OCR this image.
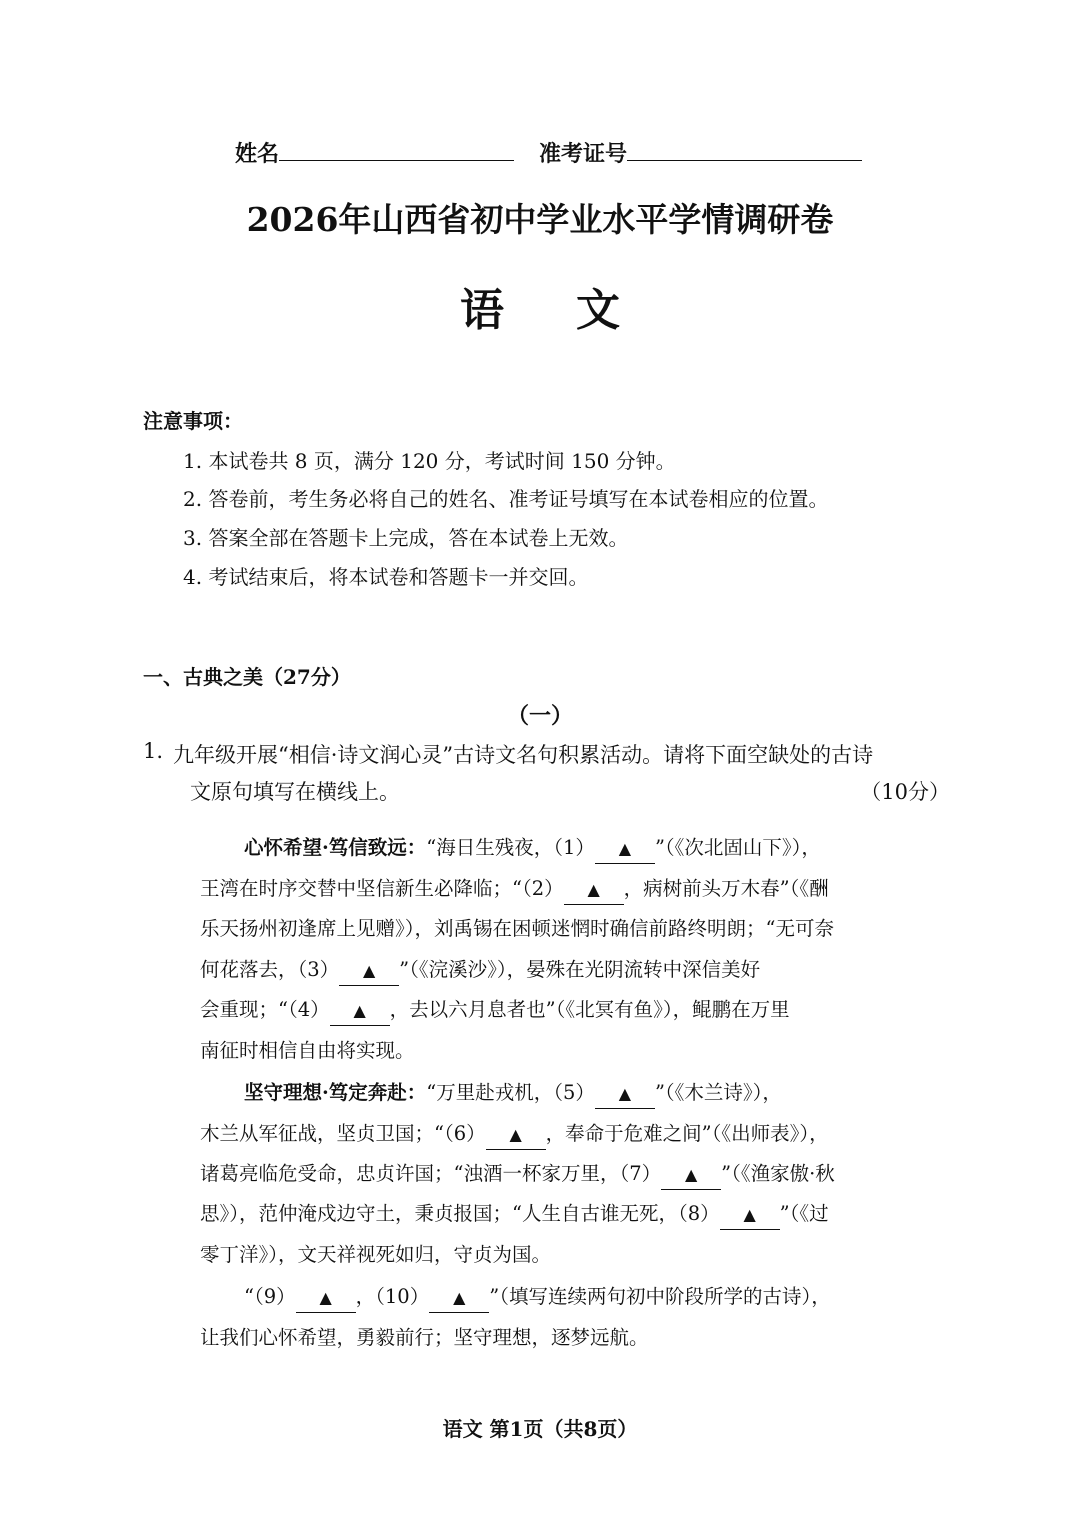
姓名	准考证号
2026年山西省初中学业水平学情调研卷
语文
注意事项：
1. 本试卷共 8 页，满分 120 分，考试时间 150 分钟。
2. 答卷前，考生务必将自己的姓名、准考证号填写在本试卷相应的位置。
3. 答案全部在答题卡上完成，答在本试卷上无效。
4. 考试结束后，将本试卷和答题卡一并交回。
一、古典之美（27分）
（一）
1. 九年级开展“相信·诗文润心灵”古诗文名句积累活动。请将下面空缺处的古诗
文原句填写在横线上。	（10分）
心怀希望·笃信致远：“海日生残夜，（1） ▲ ”（《次北固山下》），
王湾在时序交替中坚信新生必降临；“（2） ▲ ，病树前头万木春”（《酬
乐天扬州初逢席上见赠》），刘禹锡在困顿迷惘时确信前路终明朗；“无可奈
何花落去，（3） ▲ ”（《浣溪沙》），晏殊在光阴流转中深信美好
会重现；“（4） ▲ ，去以六月息者也”（《北冥有鱼》），鲲鹏在万里
南征时相信自由将实现。
坚守理想·笃定奔赴：“万里赴戎机，（5） ▲ ”（《木兰诗》），
木兰从军征战，坚贞卫国；“（6） ▲ ，奉命于危难之间”（《出师表》），
诸葛亮临危受命，忠贞许国；“浊酒一杯家万里，（7） ▲ ”（《渔家傲·秋
思》），范仲淹戍边守土，秉贞报国；“人生自古谁无死，（8） ▲ ”（《过
零丁洋》），文天祥视死如归，守贞为国。
“（9） ▲ ，（10） ▲ ”（填写连续两句初中阶段所学的古诗），
让我们心怀希望，勇毅前行；坚守理想，逐梦远航。
语文 第1页（共8页）
